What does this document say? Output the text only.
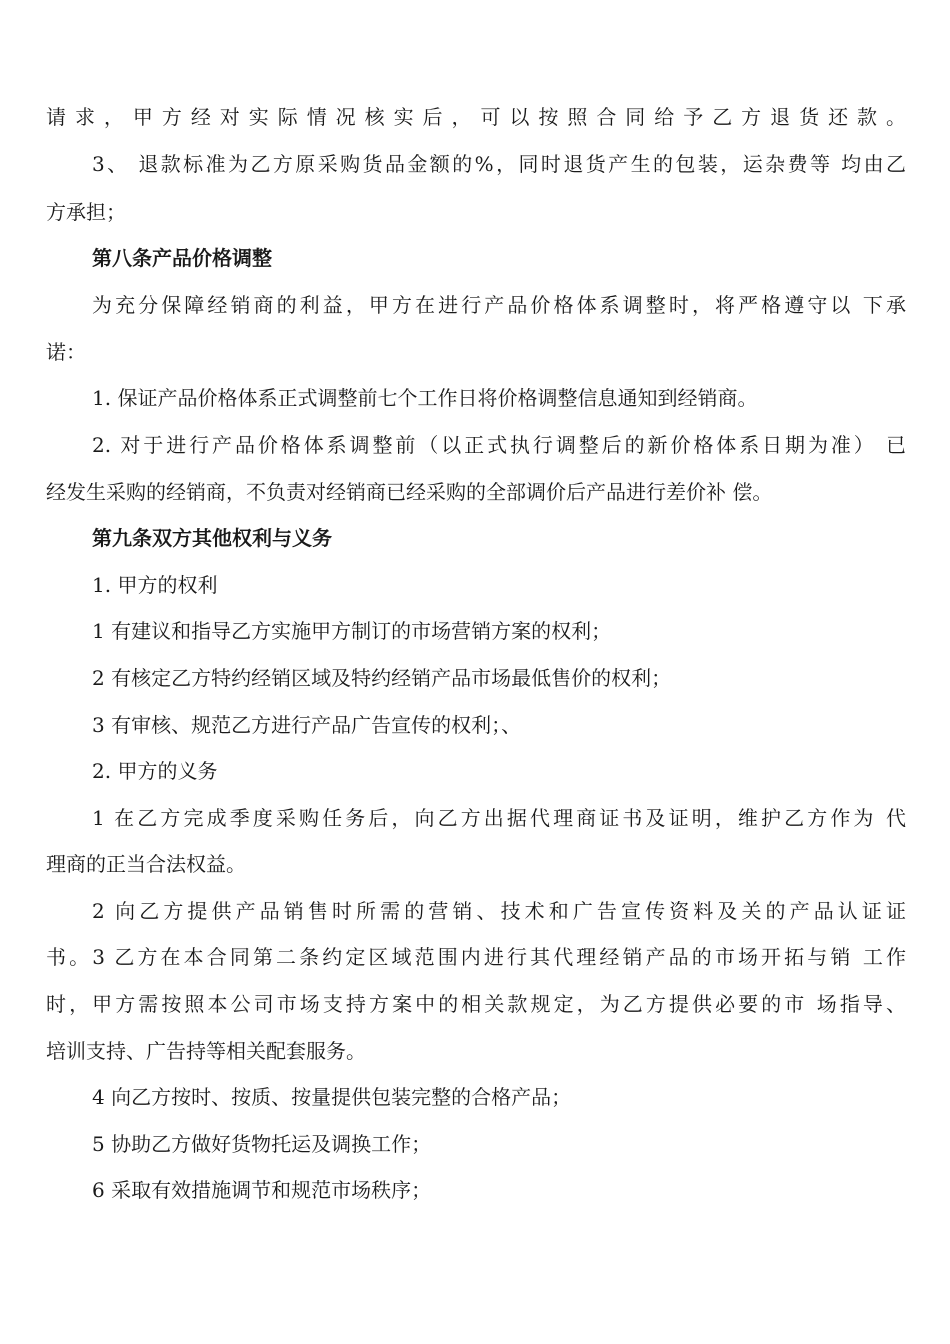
请求，甲方经对实际情况核实后，可以按照合同给予乙方退货还款。
3、 退款标准为乙方原采购货品金额的%，同时退货产生的包装，运杂费等 均由乙
方承担；
第八条产品价格调整
为充分保障经销商的利益，甲方在进行产品价格体系调整时，将严格遵守以 下承
诺：
1. 保证产品价格体系正式调整前七个工作日将价格调整信息通知到经销商。
2. 对于进行产品价格体系调整前（以正式执行调整后的新价格体系日期为准） 已
经发生采购的经销商，不负责对经销商已经采购的全部调价后产品进行差价补 偿。
第九条双方其他权利与义务
1. 甲方的权利
1 有建议和指导乙方实施甲方制订的市场营销方案的权利；
2 有核定乙方特约经销区域及特约经销产品市场最低售价的权利；
3 有审核、规范乙方进行产品广告宣传的权利；、
2. 甲方的义务
1 在乙方完成季度采购任务后，向乙方出据代理商证书及证明，维护乙方作为 代
理商的正当合法权益。
2 向乙方提供产品销售时所需的营销、技术和广告宣传资料及关的产品认证证
书。3 乙方在本合同第二条约定区域范围内进行其代理经销产品的市场开拓与销 工作
时，甲方需按照本公司市场支持方案中的相关款规定，为乙方提供必要的市 场指导、
培训支持、广告持等相关配套服务。
4 向乙方按时、按质、按量提供包装完整的合格产品；
5 协助乙方做好货物托运及调换工作；
6 采取有效措施调节和规范市场秩序；
